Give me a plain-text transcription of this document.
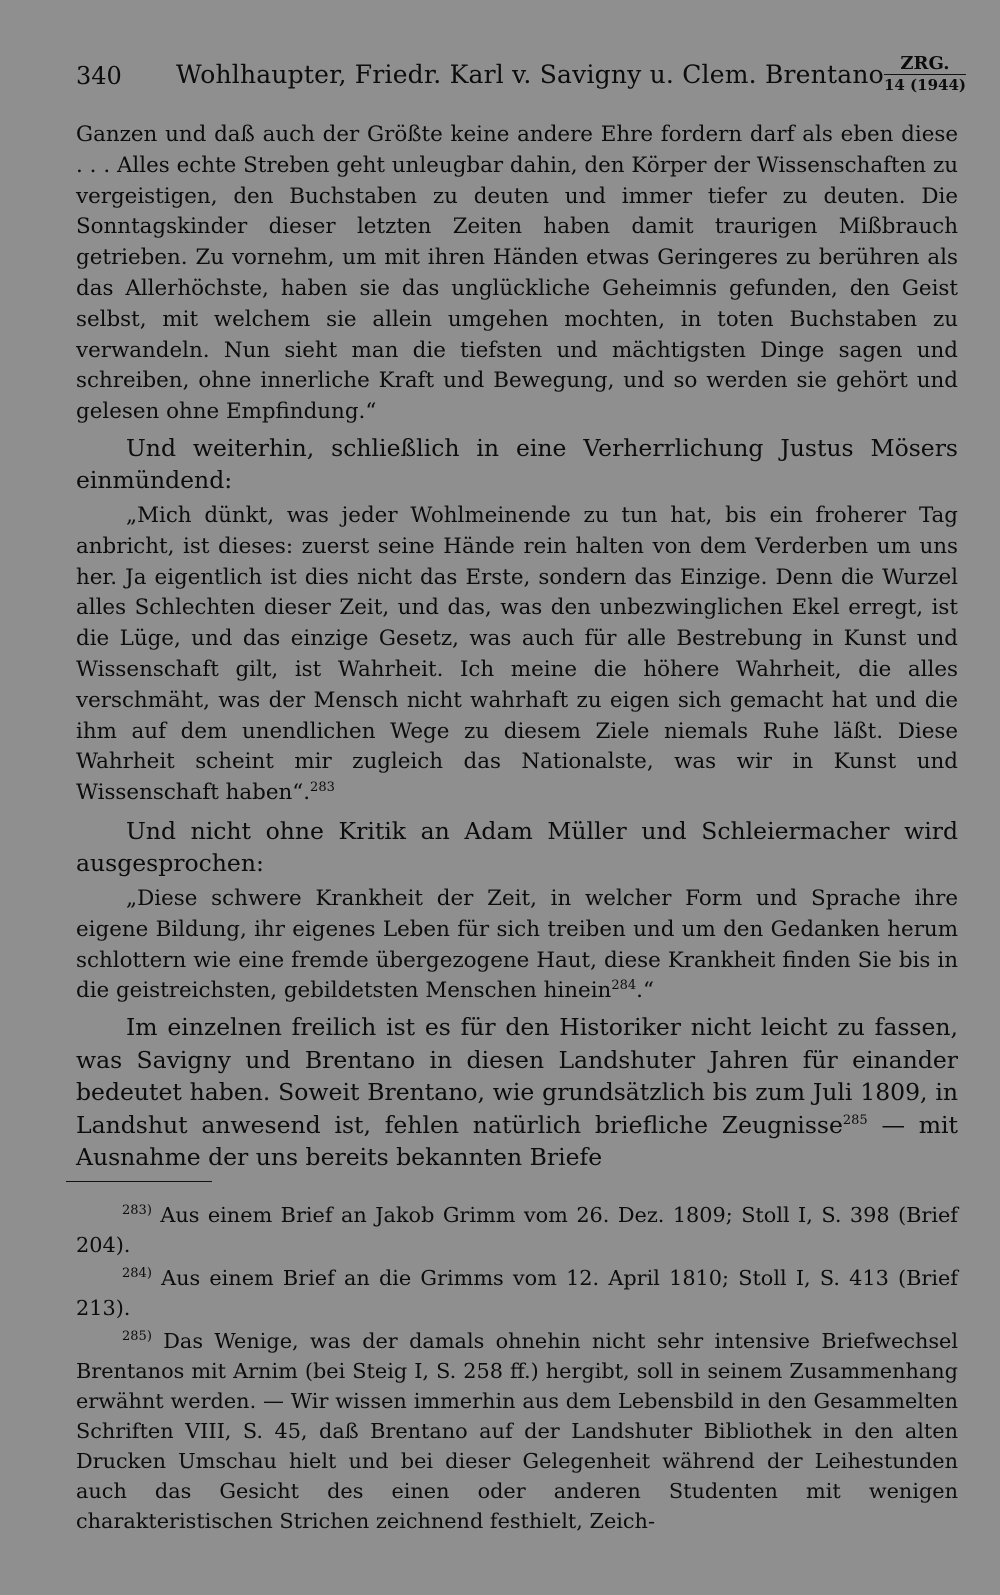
340 Wohlhaupter, Friedr. Karl v. Savigny u. Clem. Brentano ZRG.
14 (1944)

Ganzen und daß auch der Größte keine andere Ehre fordern darf als eben diese . . . Alles echte Streben geht unleugbar dahin, den Körper der Wissenschaften zu vergeistigen, den Buchstaben zu deuten und immer tiefer zu deuten. Die Sonntagskinder dieser letzten Zeiten haben damit traurigen Mißbrauch getrieben. Zu vornehm, um mit ihren Händen etwas Geringeres zu berühren als das Allerhöchste, haben sie das unglückliche Geheimnis gefunden, den Geist selbst, mit welchem sie allein umgehen mochten, in toten Buchstaben zu verwandeln. Nun sieht man die tiefsten und mächtigsten Dinge sagen und schreiben, ohne innerliche Kraft und Bewegung, und so werden sie gehört und gelesen ohne Empfindung.“

Und weiterhin, schließlich in eine Verherrlichung Justus Mösers einmündend:

„Mich dünkt, was jeder Wohlmeinende zu tun hat, bis ein froherer Tag anbricht, ist dieses: zuerst seine Hände rein halten von dem Verderben um uns her. Ja eigentlich ist dies nicht das Erste, sondern das Einzige. Denn die Wurzel alles Schlechten dieser Zeit, und das, was den unbezwinglichen Ekel erregt, ist die Lüge, und das einzige Gesetz, was auch für alle Bestrebung in Kunst und Wissenschaft gilt, ist Wahrheit. Ich meine die höhere Wahrheit, die alles verschmäht, was der Mensch nicht wahrhaft zu eigen sich gemacht hat und die ihm auf dem unendlichen Wege zu diesem Ziele niemals Ruhe läßt. Diese Wahrheit scheint mir zugleich das Nationalste, was wir in Kunst und Wissenschaft haben“.$^{283}$

Und nicht ohne Kritik an Adam Müller und Schleiermacher wird ausgesprochen:

„Diese schwere Krankheit der Zeit, in welcher Form und Sprache ihre eigene Bildung, ihr eigenes Leben für sich treiben und um den Gedanken herum schlottern wie eine fremde übergezogene Haut, diese Krankheit finden Sie bis in die geistreichsten, gebildetsten Menschen hinein$^{284}$.“

Im einzelnen freilich ist es für den Historiker nicht leicht zu fassen, was Savigny und Brentano in diesen Landshuter Jahren für einander bedeutet haben. Soweit Brentano, wie grundsätzlich bis zum Juli 1809, in Landshut anwesend ist, fehlen natürlich briefliche Zeugnisse$^{285}$ — mit Ausnahme der uns bereits bekannten Briefe

$^{283)}$ Aus einem Brief an Jakob Grimm vom 26. Dez. 1809; Stoll I, S. 398 (Brief 204).

$^{284)}$ Aus einem Brief an die Grimms vom 12. April 1810; Stoll I, S. 413 (Brief 213).

$^{285)}$ Das Wenige, was der damals ohnehin nicht sehr intensive Briefwechsel Brentanos mit Arnim (bei Steig I, S. 258 ff.) hergibt, soll in seinem Zusammenhang erwähnt werden. — Wir wissen immerhin aus dem Lebensbild in den Gesammelten Schriften VIII, S. 45, daß Brentano auf der Landshuter Bibliothek in den alten Drucken Umschau hielt und bei dieser Gelegenheit während der Leihestunden auch das Gesicht des einen oder anderen Studenten mit wenigen charakteristischen Strichen zeichnend festhielt, Zeich-
